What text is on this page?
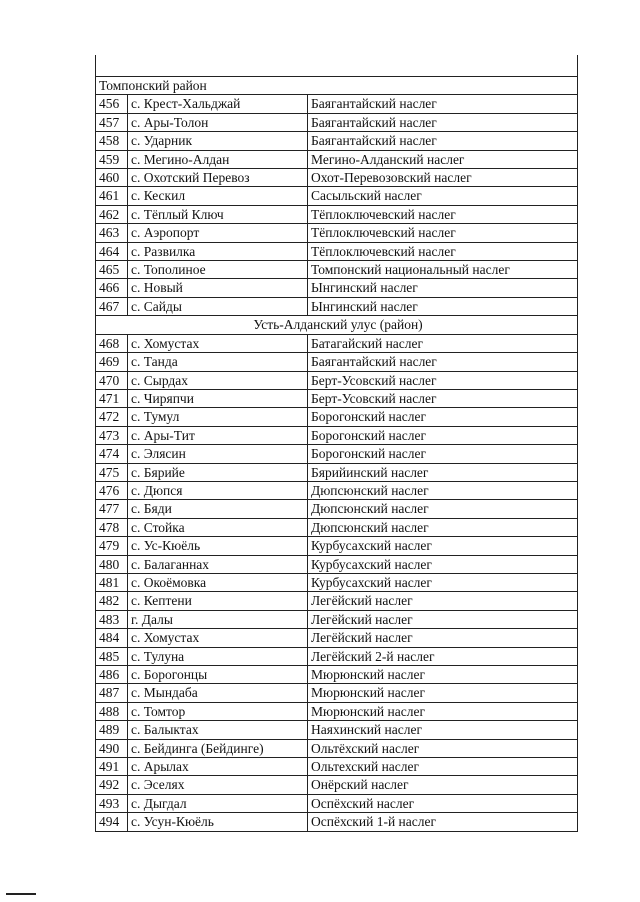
Томпонский район		
456	с. Крест-Хальджай	Баягантайский наслег
457	с. Ары-Толон	Баягантайский наслег
458	с. Ударник	Баягантайский наслег
459	с. Мегино-Алдан	Мегино-Алданский наслег
460	с. Охотский Перевоз	Охот-Перевозовский наслег
461	с. Кескил	Сасыльский наслег
462	с. Тёплый Ключ	Тёплоключевский наслег
463	с. Аэропорт	Тёплоключевский наслег
464	с. Развилка	Тёплоключевский наслег
465	с. Тополиное	Томпонский национальный наслег
466	с. Новый	Ынгинский наслег
467	с. Сайды	Ынгинский наслег
Усть-Алданский улус (район)		
468	с. Хомустах	Батагайский наслег
469	с. Танда	Баягантайский наслег
470	с. Сырдах	Берт-Усовский наслег
471	с. Чиряпчи	Берт-Усовский наслег
472	с. Тумул	Борогонский наслег
473	с. Ары-Тит	Борогонский наслег
474	с. Элясин	Борогонский наслег
475	с. Бярийе	Бярийинский наслег
476	с. Дюпся	Дюпсюнский наслег
477	с. Бяди	Дюпсюнский наслег
478	с. Стойка	Дюпсюнский наслег
479	с. Ус-Кюёль	Курбусахский наслег
480	с. Балаганнах	Курбусахский наслег
481	с. Окоёмовка	Курбусахский наслег
482	с. Кептени	Легёйский наслег
483	г. Далы	Легёйский наслег
484	с. Хомустах	Легёйский наслег
485	с. Тулуна	Легёйский 2-й наслег
486	с. Борогонцы	Мюрюнский наслег
487	с. Мындаба	Мюрюнский наслег
488	с. Томтор	Мюрюнский наслег
489	с. Балыктах	Наяхинский наслег
490	с. Бейдинга (Бейдинге)	Ольтёхский наслег
491	с. Арылах	Ольтехский наслег
492	с. Эселях	Онёрский наслег
493	с. Дыгдал	Оспёхский наслег
494	с. Усун-Кюёль	Оспёхский 1-й наслег
